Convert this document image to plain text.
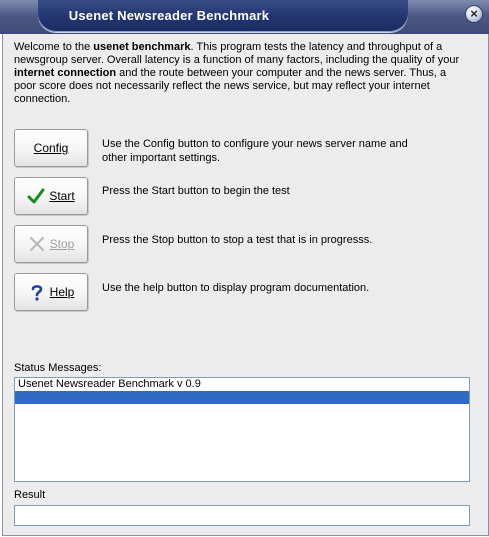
Usenet Newsreader Benchmark	×
Welcome to the usenet benchmark. This program tests the latency and throughput of a newsgroup server. Overall latency is a function of many factors, including the quality of your internet connection and the route between your computer and the news server. Thus, a poor score does not necessarily reflect the news service, but may reflect your internet connection.
Config	Use the Config button to configure your news server name and other important settings.
Start Press the Start button to begin the test
Stop	Press the Stop button to stop a test that is in progresss.
Help	Use the help button to display program documentation.
Status Messages:
Usenet Newsreader Benchmark v 0.9
Result
